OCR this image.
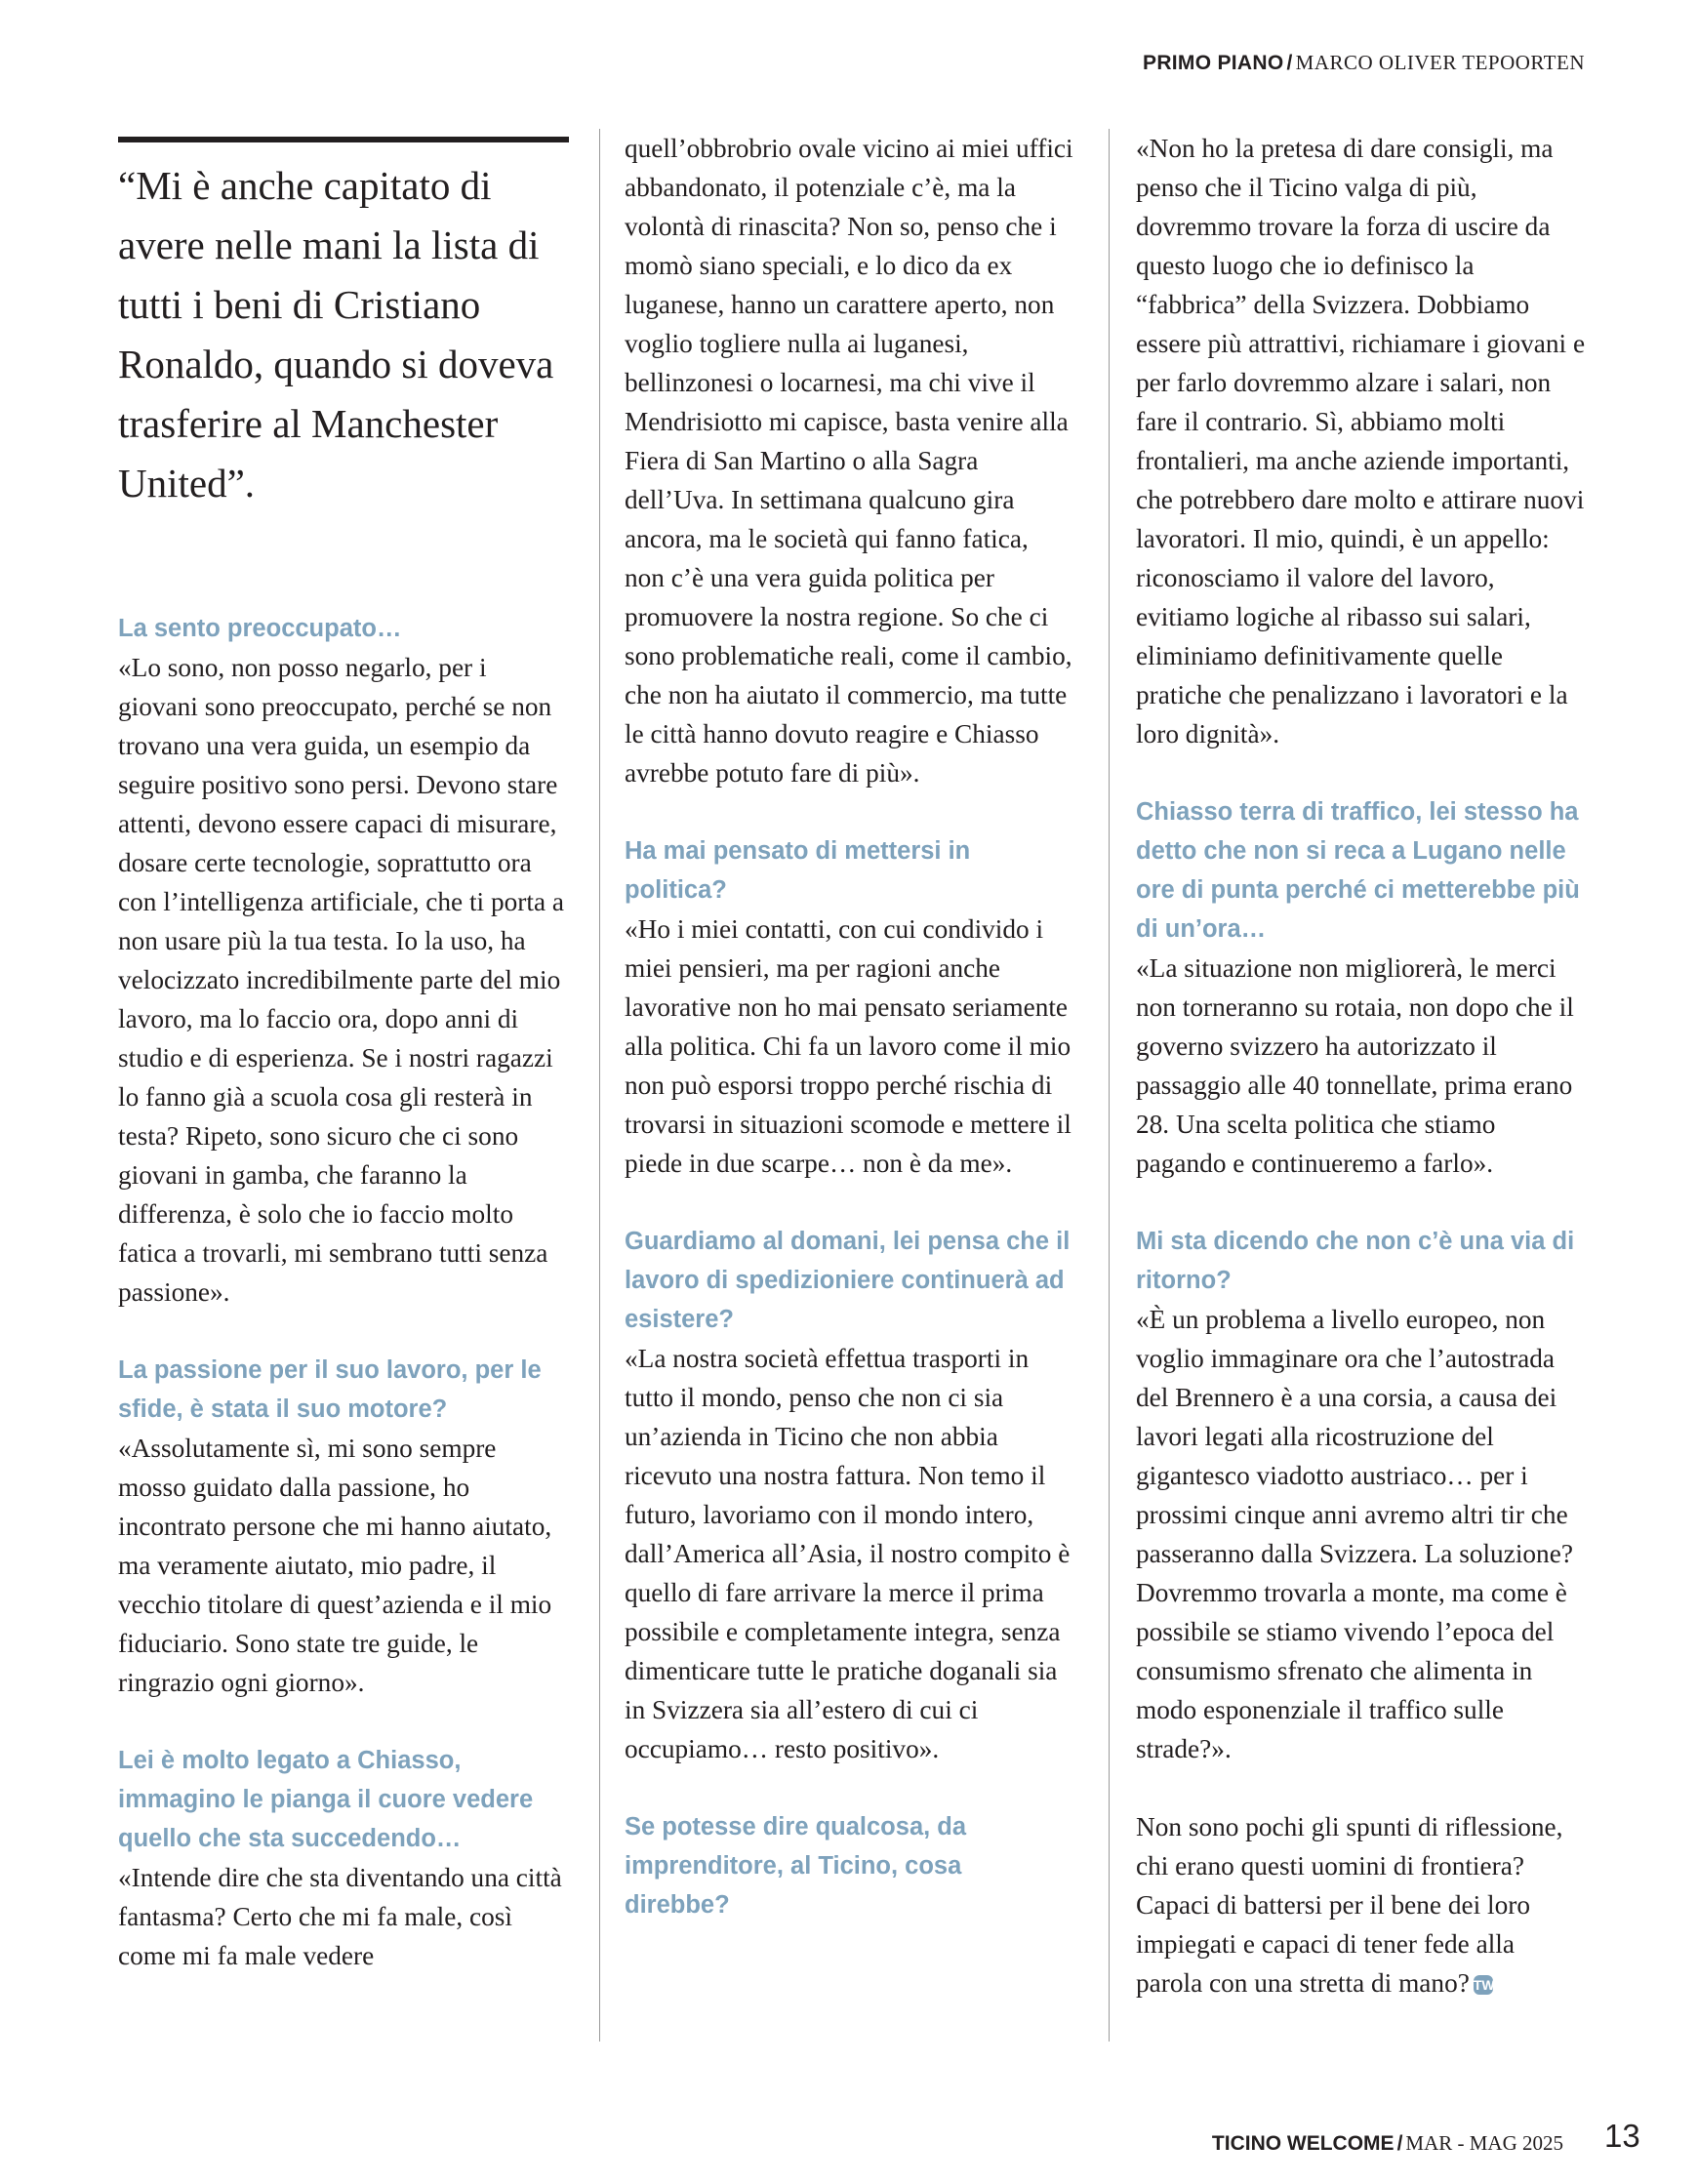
PRIMO PIANO / MARCO OLIVER TEPOORTEN

“Mi è anche capitato di avere nelle mani la lista di tutti i beni di Cristiano Ronaldo, quando si doveva trasferire al Manchester United”.

La sento preoccupato…

«Lo sono, non posso negarlo, per i giovani sono preoccupato, perché se non trovano una vera guida, un esempio da seguire positivo sono persi. Devono stare attenti, devono essere capaci di misurare, dosare certe tecnologie, soprattutto ora con l’intelligenza artificiale, che ti porta a non usare più la tua testa. Io la uso, ha velocizzato incredibilmente parte del mio lavoro, ma lo faccio ora, dopo anni di studio e di esperienza. Se i nostri ragazzi lo fanno già a scuola cosa gli resterà in testa? Ripeto, sono sicuro che ci sono giovani in gamba, che faranno la differenza, è solo che io faccio molto fatica a trovarli, mi sembrano tutti senza passione».

La passione per il suo lavoro, per le sfide, è stata il suo motore?

«Assolutamente sì, mi sono sempre mosso guidato dalla passione, ho incontrato persone che mi hanno aiutato, ma veramente aiutato, mio padre, il vecchio titolare di quest’azienda e il mio fiduciario. Sono state tre guide, le ringrazio ogni giorno».

Lei è molto legato a Chiasso, immagino le pianga il cuore vedere quello che sta succedendo…

«Intende dire che sta diventando una città fantasma? Certo che mi fa male, così come mi fa male vedere

quell’obbrobrio ovale vicino ai miei uffici abbandonato, il potenziale c’è, ma la volontà di rinascita? Non so, penso che i momò siano speciali, e lo dico da ex luganese, hanno un carattere aperto, non voglio togliere nulla ai luganesi, bellinzonesi o locarnesi, ma chi vive il Mendrisiotto mi capisce, basta venire alla Fiera di San Martino o alla Sagra dell’Uva. In settimana qualcuno gira ancora, ma le società qui fanno fatica, non c’è una vera guida politica per promuovere la nostra regione. So che ci sono problematiche reali, come il cambio, che non ha aiutato il commercio, ma tutte le città hanno dovuto reagire e Chiasso avrebbe potuto fare di più».

Ha mai pensato di mettersi in politica?

«Ho i miei contatti, con cui condivido i miei pensieri, ma per ragioni anche lavorative non ho mai pensato seriamente alla politica. Chi fa un lavoro come il mio non può esporsi troppo perché rischia di trovarsi in situazioni scomode e mettere il piede in due scarpe… non è da me».

Guardiamo al domani, lei pensa che il lavoro di spedizioniere continuerà ad esistere?

«La nostra società effettua trasporti in tutto il mondo, penso che non ci sia un’azienda in Ticino che non abbia ricevuto una nostra fattura. Non temo il futuro, lavoriamo con il mondo intero, dall’America all’Asia, il nostro compito è quello di fare arrivare la merce il prima possibile e completamente integra, senza dimenticare tutte le pratiche doganali sia in Svizzera sia all’estero di cui ci occupiamo… resto positivo».

Se potesse dire qualcosa, da imprenditore, al Ticino, cosa direbbe?

«Non ho la pretesa di dare consigli, ma penso che il Ticino valga di più, dovremmo trovare la forza di uscire da questo luogo che io definisco la “fabbrica” della Svizzera. Dobbiamo essere più attrattivi, richiamare i giovani e per farlo dovremmo alzare i salari, non fare il contrario. Sì, abbiamo molti frontalieri, ma anche aziende importanti, che potrebbero dare molto e attirare nuovi lavoratori. Il mio, quindi, è un appello: riconosciamo il valore del lavoro, evitiamo logiche al ribasso sui salari, eliminiamo definitivamente quelle pratiche che penalizzano i lavoratori e la loro dignità».

Chiasso terra di traffico, lei stesso ha detto che non si reca a Lugano nelle ore di punta perché ci metterebbe più di un’ora…

«La situazione non migliorerà, le merci non torneranno su rotaia, non dopo che il governo svizzero ha autorizzato il passaggio alle 40 tonnellate, prima erano 28. Una scelta politica che stiamo pagando e continueremo a farlo».

Mi sta dicendo che non c’è una via di ritorno?

«È un problema a livello europeo, non voglio immaginare ora che l’autostrada del Brennero è a una corsia, a causa dei lavori legati alla ricostruzione del gigantesco viadotto austriaco… per i prossimi cinque anni avremo altri tir che passeranno dalla Svizzera. La soluzione? Dovremmo trovarla a monte, ma come è possibile se stiamo vivendo l’epoca del consumismo sfrenato che alimenta in modo esponenziale il traffico sulle strade?».

Non sono pochi gli spunti di riflessione, chi erano questi uomini di frontiera? Capaci di battersi per il bene dei loro impiegati e capaci di tener fede alla parola con una stretta di mano? TW

TICINO WELCOME / MAR - MAG 2025 13
